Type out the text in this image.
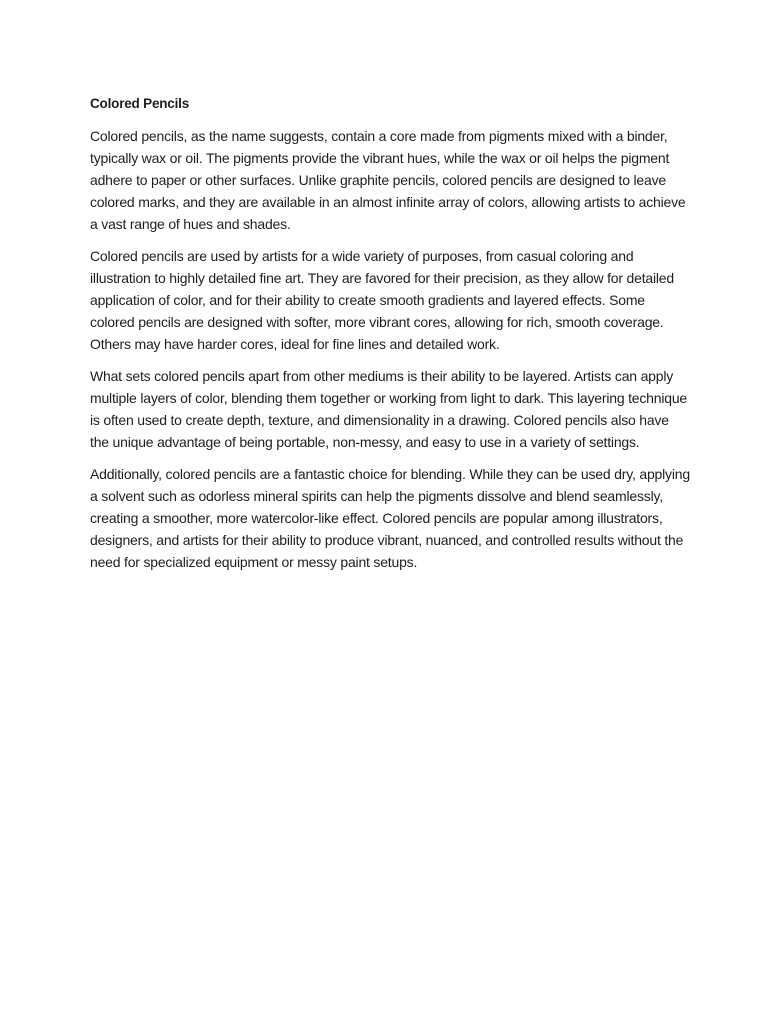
Colored Pencils

Colored pencils, as the name suggests, contain a core made from pigments mixed with a binder, typically wax or oil. The pigments provide the vibrant hues, while the wax or oil helps the pigment adhere to paper or other surfaces. Unlike graphite pencils, colored pencils are designed to leave colored marks, and they are available in an almost infinite array of colors, allowing artists to achieve a vast range of hues and shades.

Colored pencils are used by artists for a wide variety of purposes, from casual coloring and illustration to highly detailed fine art. They are favored for their precision, as they allow for detailed application of color, and for their ability to create smooth gradients and layered effects. Some colored pencils are designed with softer, more vibrant cores, allowing for rich, smooth coverage. Others may have harder cores, ideal for fine lines and detailed work.

What sets colored pencils apart from other mediums is their ability to be layered. Artists can apply multiple layers of color, blending them together or working from light to dark. This layering technique is often used to create depth, texture, and dimensionality in a drawing. Colored pencils also have the unique advantage of being portable, non-messy, and easy to use in a variety of settings.

Additionally, colored pencils are a fantastic choice for blending. While they can be used dry, applying a solvent such as odorless mineral spirits can help the pigments dissolve and blend seamlessly, creating a smoother, more watercolor-like effect. Colored pencils are popular among illustrators, designers, and artists for their ability to produce vibrant, nuanced, and controlled results without the need for specialized equipment or messy paint setups.
